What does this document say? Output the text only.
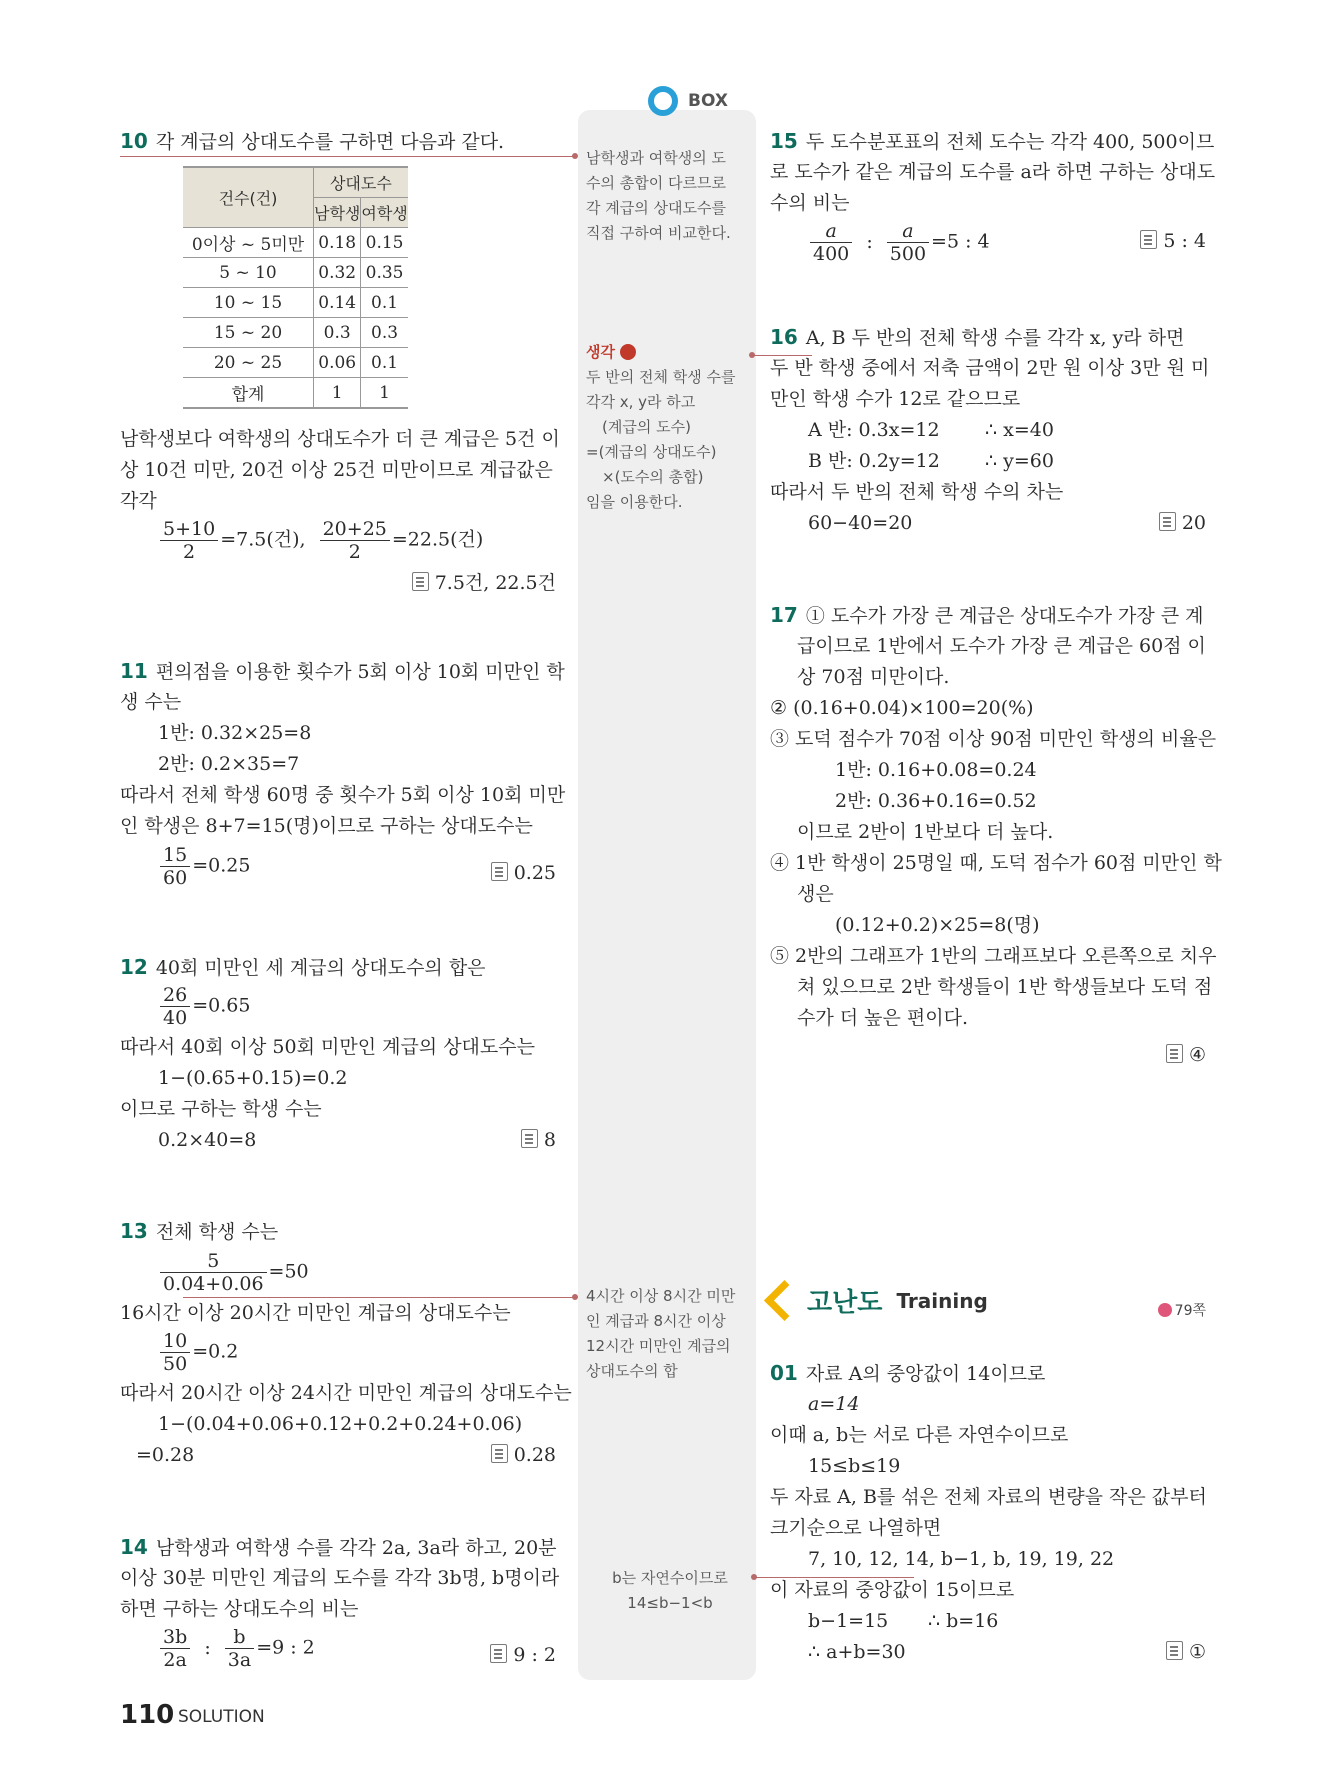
BOX
10 각 계급의 상대도수를 구하면 다음과 같다.
건수(건)	상대도수	
	남학생	여학생
0이상 ~ 5미만	0.18	0.15
5 ~ 10	0.32	0.35
10 ~ 15	0.14	0.1
15 ~ 20	0.3	0.3
20 ~ 25	0.06	0.1
합계	1	1
남학생보다 여학생의 상대도수가 더 큰 계급은 5건 이
상 10건 미만, 20건 이상 25건 미만이므로 계급값은
각각
$\frac{5+10}{2} =7.5$(건), $\frac{20+25}{2} =22.5$(건)
7.5건, 22.5건
남학생과 여학생의 도
수의 총합이 다르므로
각 계급의 상대도수를
직접 구하여 비교한다.
11 편의점을 이용한 횟수가 5회 이상 10회 미만인 학
생 수는
1반: 0.32×25=8
2반: 0.2×35=7
따라서 전체 학생 60명 중 횟수가 5회 이상 10회 미만
인 학생은 8+7=15(명)이므로 구하는 상대도수는
$\frac{15}{60} =0.25$	0.25
12 40회 미만인 세 계급의 상대도수의 합은
$\frac{26}{40} =0.65$
따라서 40회 이상 50회 미만인 계급의 상대도수는
1−(0.65+0.15)=0.2
이므로 구하는 학생 수는
0.2×40=8	8
13 전체 학생 수는
$\frac{5}{0.04+0.06} =50$
16시간 이상 20시간 미만인 계급의 상대도수는
$\frac{10}{50} =0.2$
따라서 20시간 이상 24시간 미만인 계급의 상대도수는
1−(0.04+0.06+0.12+0.2+0.24+0.06)
=0.28	0.28
4시간 이상 8시간 미만
인 계급과 8시간 이상
12시간 미만인 계급의
상대도수의 합
14 남학생과 여학생 수를 각각 2a, 3a라 하고, 20분
이상 30분 미만인 계급의 도수를 각각 3b명, b명이라
하면 구하는 상대도수의 비는
$\frac{3b}{2a}$ : $\frac{b}{3a} =9$ : 2	9 : 2
15 두 도수분포표의 전체 도수는 각각 400, 500이므
로 도수가 같은 계급의 도수를 a라 하면 구하는 상대도
수의 비는
$\frac{a}{400}$ : $\frac{a}{500} =5$ : 4	5 : 4
16 A, B 두 반의 전체 학생 수를 각각 x, y라 하면
두 반 학생 중에서 저축 금액이 2만 원 이상 3만 원 미
만인 학생 수가 12로 같으므로
A 반: 0.3x=12 ∴ x=40
B 반: 0.2y=12 ∴ y=60
따라서 두 반의 전체 학생 수의 차는
60−40=20	20
생각
두 반의 전체 학생 수를
각각 x, y라 하고
(계급의 도수)
=(계급의 상대도수)
×(도수의 총합)
임을 이용한다.
17 ① 도수가 가장 큰 계급은 상대도수가 가장 큰 계
급이므로 1반에서 도수가 가장 큰 계급은 60점 이
상 70점 미만이다.
② (0.16+0.04)×100=20(%)
③ 도덕 점수가 70점 이상 90점 미만인 학생의 비율은
1반: 0.16+0.08=0.24
2반: 0.36+0.16=0.52
이므로 2반이 1반보다 더 높다.
④ 1반 학생이 25명일 때, 도덕 점수가 60점 미만인 학
생은
(0.12+0.2)×25=8(명)
⑤ 2반의 그래프가 1반의 그래프보다 오른쪽으로 치우
쳐 있으므로 2반 학생들이 1반 학생들보다 도덕 점
수가 더 높은 편이다.
④
고난도 Training	79쪽
01 자료 A의 중앙값이 14이므로
a=14
이때 a, b는 서로 다른 자연수이므로
15≤b≤19
두 자료 A, B를 섞은 전체 자료의 변량을 작은 값부터
크기순으로 나열하면
7, 10, 12, 14, b−1, b, 19, 19, 22
이 자료의 중앙값이 15이므로
b−1=15 ∴ b=16
∴ a+b=30	①
b는 자연수이므로
14≤b−1<b
110 SOLUTION
